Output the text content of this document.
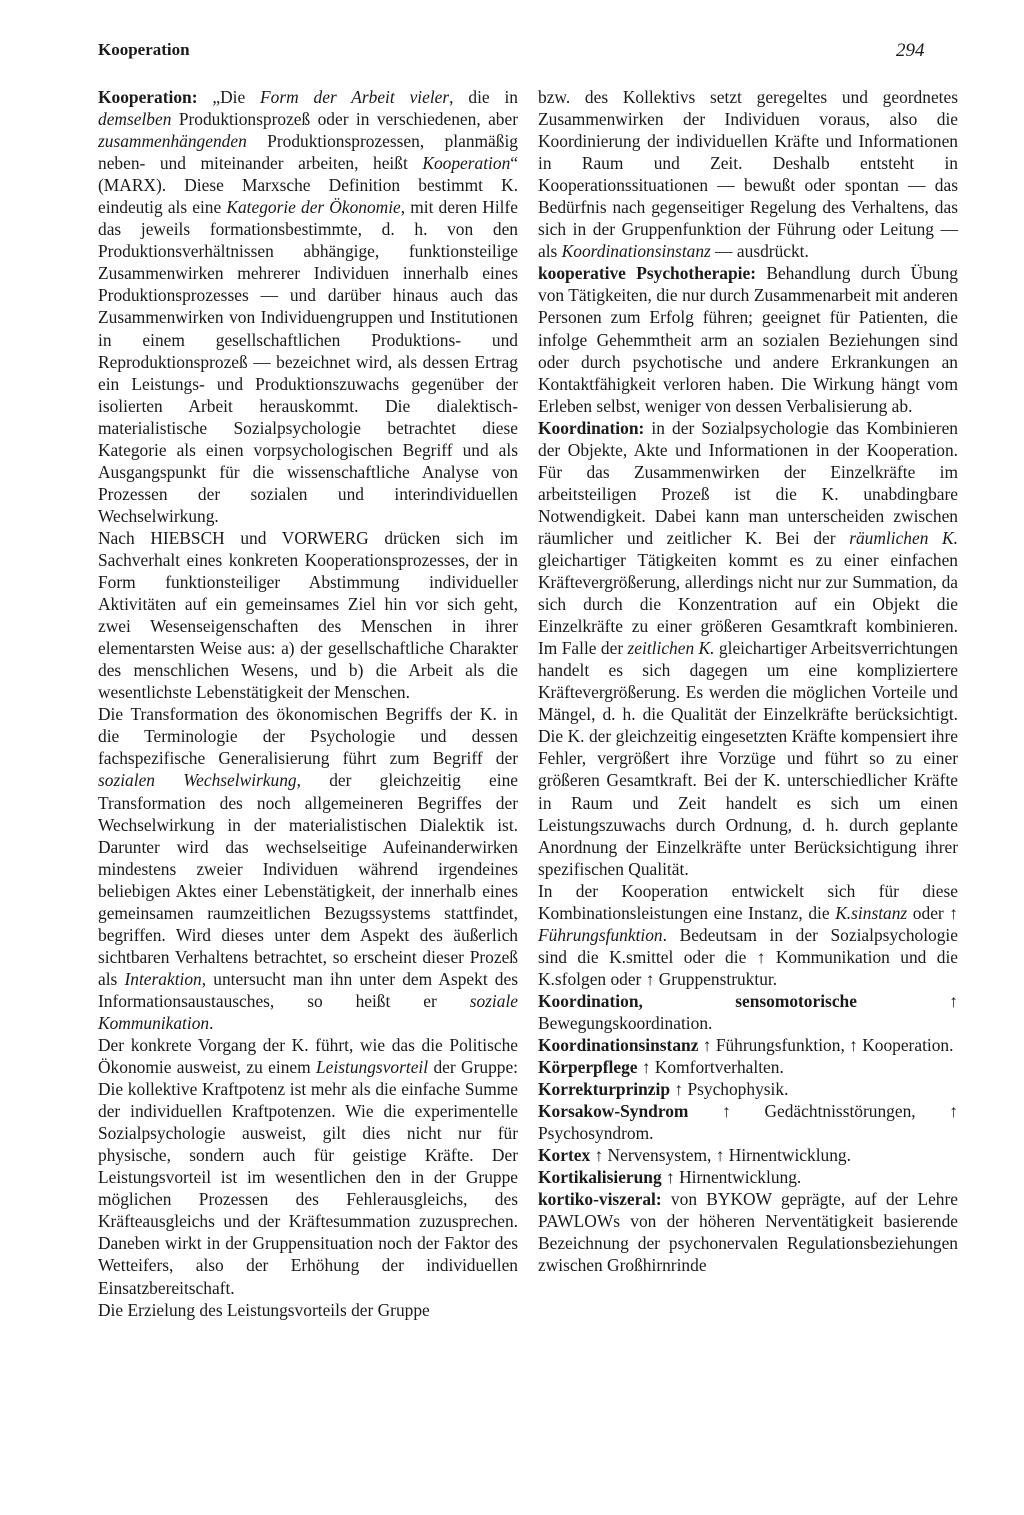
Kooperation	294

Kooperation: „Die Form der Arbeit vieler, die in demselben Produktionsprozeß oder in verschiedenen, aber zusammenhängenden Produktionsprozessen, planmäßig neben- und miteinander arbeiten, heißt Kooperation“ (MARX). Diese Marxsche Definition bestimmt K. eindeutig als eine Kategorie der Ökonomie, mit deren Hilfe das jeweils formationsbestimmte, d. h. von den Produktionsverhältnissen abhängige, funktionsteilige Zusammenwirken mehrerer Individuen innerhalb eines Produktionsprozesses — und darüber hinaus auch das Zusammenwirken von Individuengruppen und Institutionen in einem gesellschaftlichen Produktions- und Reproduktionsprozeß — bezeichnet wird, als dessen Ertrag ein Leistungs- und Produktionszuwachs gegenüber der isolierten Arbeit herauskommt. Die dialektisch-materialistische Sozialpsychologie betrachtet diese Kategorie als einen vorpsychologischen Begriff und als Ausgangspunkt für die wissenschaftliche Analyse von Prozessen der sozialen und interindividuellen Wechselwirkung.

Nach HIEBSCH und VORWERG drücken sich im Sachverhalt eines konkreten Kooperationsprozesses, der in Form funktionsteiliger Abstimmung individueller Aktivitäten auf ein gemeinsames Ziel hin vor sich geht, zwei Wesenseigenschaften des Menschen in ihrer elementarsten Weise aus: a) der gesellschaftliche Charakter des menschlichen Wesens, und b) die Arbeit als die wesentlichste Lebenstätigkeit der Menschen.

Die Transformation des ökonomischen Begriffs der K. in die Terminologie der Psychologie und dessen fachspezifische Generalisierung führt zum Begriff der sozialen Wechselwirkung, der gleichzeitig eine Transformation des noch allgemeineren Begriffes der Wechselwirkung in der materialistischen Dialektik ist. Darunter wird das wechselseitige Aufeinanderwirken mindestens zweier Individuen während irgendeines beliebigen Aktes einer Lebenstätigkeit, der innerhalb eines gemeinsamen raumzeitlichen Bezugssystems stattfindet, begriffen. Wird dieses unter dem Aspekt des äußerlich sichtbaren Verhaltens betrachtet, so erscheint dieser Prozeß als Interaktion, untersucht man ihn unter dem Aspekt des Informationsaustausches, so heißt er soziale Kommunikation.

Der konkrete Vorgang der K. führt, wie das die Politische Ökonomie ausweist, zu einem Leistungsvorteil der Gruppe: Die kollektive Kraftpotenz ist mehr als die einfache Summe der individuellen Kraftpotenzen. Wie die experimentelle Sozialpsychologie ausweist, gilt dies nicht nur für physische, sondern auch für geistige Kräfte. Der Leistungsvorteil ist im wesentlichen den in der Gruppe möglichen Prozessen des Fehlerausgleichs, des Kräfteausgleichs und der Kräftesummation zuzusprechen. Daneben wirkt in der Gruppensituation noch der Faktor des Wetteifers, also der Erhöhung der individuellen Einsatzbereitschaft.

Die Erzielung des Leistungsvorteils der Gruppe

bzw. des Kollektivs setzt geregeltes und geordnetes Zusammenwirken der Individuen voraus, also die Koordinierung der individuellen Kräfte und Informationen in Raum und Zeit. Deshalb entsteht in Kooperationssituationen — bewußt oder spontan — das Bedürfnis nach gegenseitiger Regelung des Verhaltens, das sich in der Gruppenfunktion der Führung oder Leitung — als Koordinationsinstanz — ausdrückt.

kooperative Psychotherapie: Behandlung durch Übung von Tätigkeiten, die nur durch Zusammenarbeit mit anderen Personen zum Erfolg führen; geeignet für Patienten, die infolge Gehemmtheit arm an sozialen Beziehungen sind oder durch psychotische und andere Erkrankungen an Kontaktfähigkeit verloren haben. Die Wirkung hängt vom Erleben selbst, weniger von dessen Verbalisierung ab.

Koordination: in der Sozialpsychologie das Kombinieren der Objekte, Akte und Informationen in der Kooperation. Für das Zusammenwirken der Einzelkräfte im arbeitsteiligen Prozeß ist die K. unabdingbare Notwendigkeit. Dabei kann man unterscheiden zwischen räumlicher und zeitlicher K. Bei der räumlichen K. gleichartiger Tätigkeiten kommt es zu einer einfachen Kräftevergrößerung, allerdings nicht nur zur Summation, da sich durch die Konzentration auf ein Objekt die Einzelkräfte zu einer größeren Gesamtkraft kombinieren. Im Falle der zeitlichen K. gleichartiger Arbeitsverrichtungen handelt es sich dagegen um eine kompliziertere Kräftevergrößerung. Es werden die möglichen Vorteile und Mängel, d. h. die Qualität der Einzelkräfte berücksichtigt. Die K. der gleichzeitig eingesetzten Kräfte kompensiert ihre Fehler, vergrößert ihre Vorzüge und führt so zu einer größeren Gesamtkraft. Bei der K. unterschiedlicher Kräfte in Raum und Zeit handelt es sich um einen Leistungszuwachs durch Ordnung, d. h. durch geplante Anordnung der Einzelkräfte unter Berücksichtigung ihrer spezifischen Qualität.

In der Kooperation entwickelt sich für diese Kombinationsleistungen eine Instanz, die K.sinstanz oder ↑ Führungsfunktion. Bedeutsam in der Sozialpsychologie sind die K.smittel oder die ↑ Kommunikation und die K.sfolgen oder ↑ Gruppenstruktur.

Koordination, sensomotorische ↑ Bewegungskoordination.

Koordinationsinstanz ↑ Führungsfunktion, ↑ Kooperation.

Körperpflege ↑ Komfortverhalten.

Korrekturprinzip ↑ Psychophysik.

Korsakow-Syndrom ↑ Gedächtnisstörungen, ↑ Psychosyndrom.

Kortex ↑ Nervensystem, ↑ Hirnentwicklung.

Kortikalisierung ↑ Hirnentwicklung.

kortiko-viszeral: von BYKOW geprägte, auf der Lehre PAWLOWs von der höheren Nerventätigkeit basierende Bezeichnung der psychonervalen Regulationsbeziehungen zwischen Großhirnrinde
